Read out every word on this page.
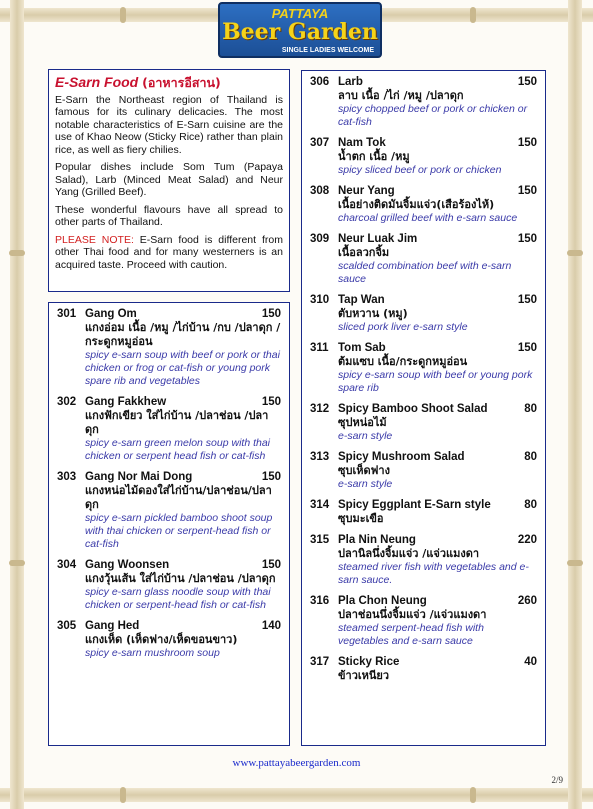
PATTAYA
Beer Garden
SINGLE LADIES WELCOME
E-Sarn Food (อาหารอีสาน)

E-Sarn the Northeast region of Thailand is famous for its culinary delicacies. The most notable characteristics of E-Sarn cuisine are the use of Khao Neow (Sticky Rice) rather than plain rice, as well as fiery chilies.

Popular dishes include Som Tum (Papaya Salad), Larb (Minced Meat Salad) and Neur Yang (Grilled Beef).

These wonderful flavours have all spread to other parts of Thailand.

PLEASE NOTE: E-Sarn food is different from other Thai food and for many westerners is an acquired taste. Proceed with caution.

301 Gang Om	150
แกงอ่อม เนื้อ /หมู /ไก่บ้าน /กบ /ปลาดุก /กระดูกหมูอ่อน
spicy e-sarn soup with beef or pork or thai chicken or frog or cat-fish or young pork spare rib and vegetables
302 Gang Fakkhew	150
แกงฟักเขียว ใส่ไก่บ้าน /ปลาช่อน /ปลาดุก
spicy e-sarn green melon soup with thai chicken or serpent head fish or cat-fish
303 Gang Nor Mai Dong	150
แกงหน่อไม้ดองใส่ไก่บ้าน/ปลาช่อน/ปลาดุก
spicy e-sarn pickled bamboo shoot soup with thai chicken or serpent-head fish or cat-fish
304 Gang Woonsen	150
แกงวุ้นเส้น ใส่ไก่บ้าน /ปลาช่อน /ปลาดุก
spicy e-sarn glass noodle soup with thai chicken or serpent-head fish or cat-fish
305 Gang Hed	140
แกงเห็ด (เห็ดฟาง/เห็ดขอนขาว)
spicy e-sarn mushroom soup
306 Larb	150
ลาบ เนื้อ /ไก่ /หมู /ปลาดุก
spicy chopped beef or pork or chicken or cat-fish
307 Nam Tok	150
น้ำตก เนื้อ /หมู
spicy sliced beef or pork or chicken
308 Neur Yang	150
เนื้อย่างติดมันจิ้มแจ่ว(เสือร้องไห้)
charcoal grilled beef with e-sarn sauce
309 Neur Luak Jim	150
เนื้อลวกจิ้ม
scalded combination beef with e-sarn sauce
310 Tap Wan	150
ตับหวาน (หมู)
sliced pork liver e-sarn style
311 Tom Sab	150
ต้มแซบ เนื้อ/กระดูกหมูอ่อน
spicy e-sarn soup with beef or young pork spare rib
312 Spicy Bamboo Shoot Salad	80
ซุปหน่อไม้
e-sarn style
313 Spicy Mushroom Salad	80
ซุบเห็ดฟาง
e-sarn style
314 Spicy Eggplant E-Sarn style	80
ซุบมะเขือ
315 Pla Nin Neung	220
ปลานิลนึ่งจิ้มแจ่ว /แจ่วแมงดา
steamed river fish with vegetables and e-sarn sauce.
316 Pla Chon Neung	260
ปลาช่อนนึ่งจิ้มแจ่ว /แจ่วแมงดา
steamed serpent-head fish with vegetables and e-sarn sauce
317 Sticky Rice	40
ข้าวเหนียว
www.pattayabeergarden.com
2/9
